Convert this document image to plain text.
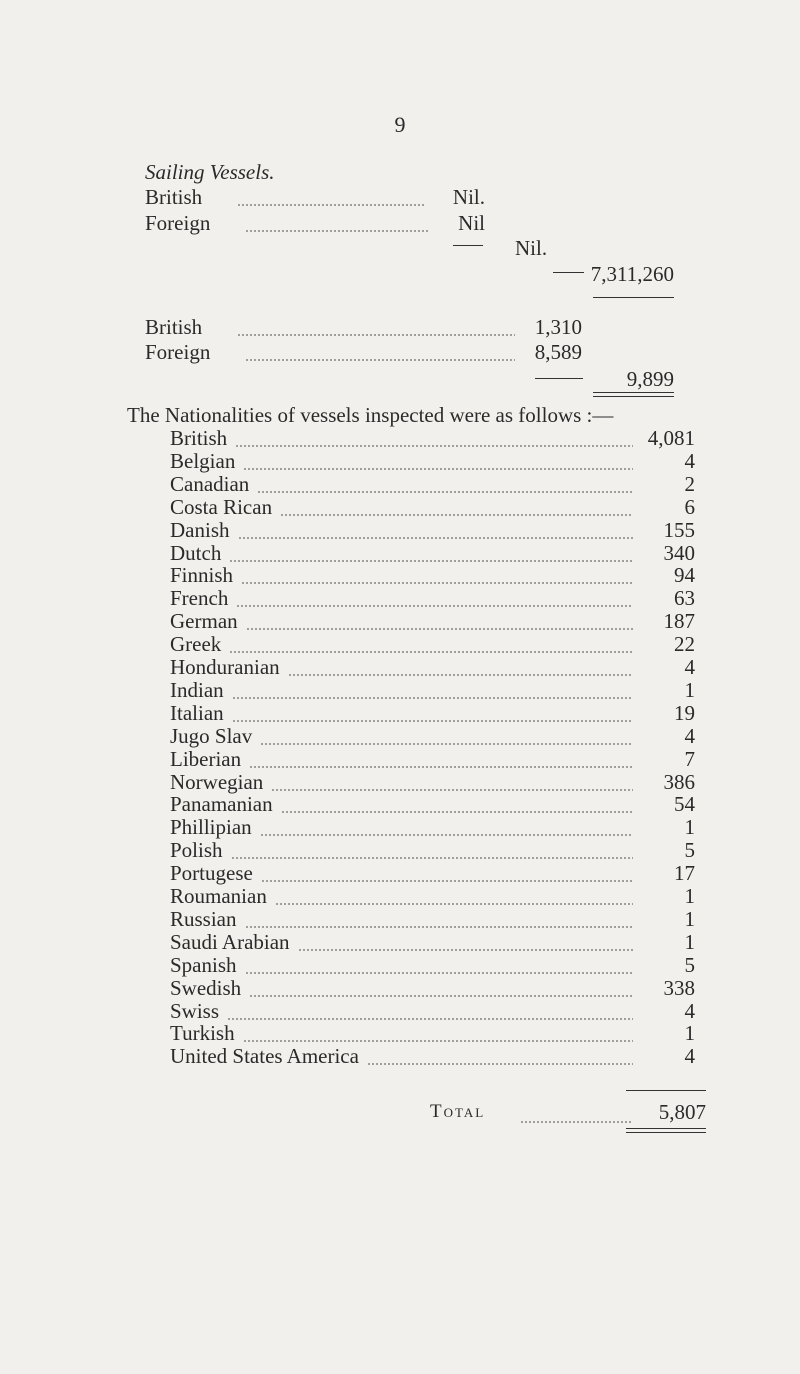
9
Sailing Vessels.
British	Nil.
Foreign	Nil
Nil.
7,311,260
British	1,310
Foreign	8,589
9,899
The Nationalities of vessels inspected were as follows :—
British	4,081
Belgian	4
Canadian	2
Costa Rican	6
Danish	155
Dutch	340
Finnish	94
French	63
German	187
Greek	22
Honduranian	4
Indian	1
Italian	19
Jugo Slav	4
Liberian	7
Norwegian	386
Panamanian	54
Phillipian	1
Polish	5
Portugese	17
Roumanian	1
Russian	1
Saudi Arabian	1
Spanish	5
Swedish	338
Swiss	4
Turkish	1
United States America	4
Total	5,807
